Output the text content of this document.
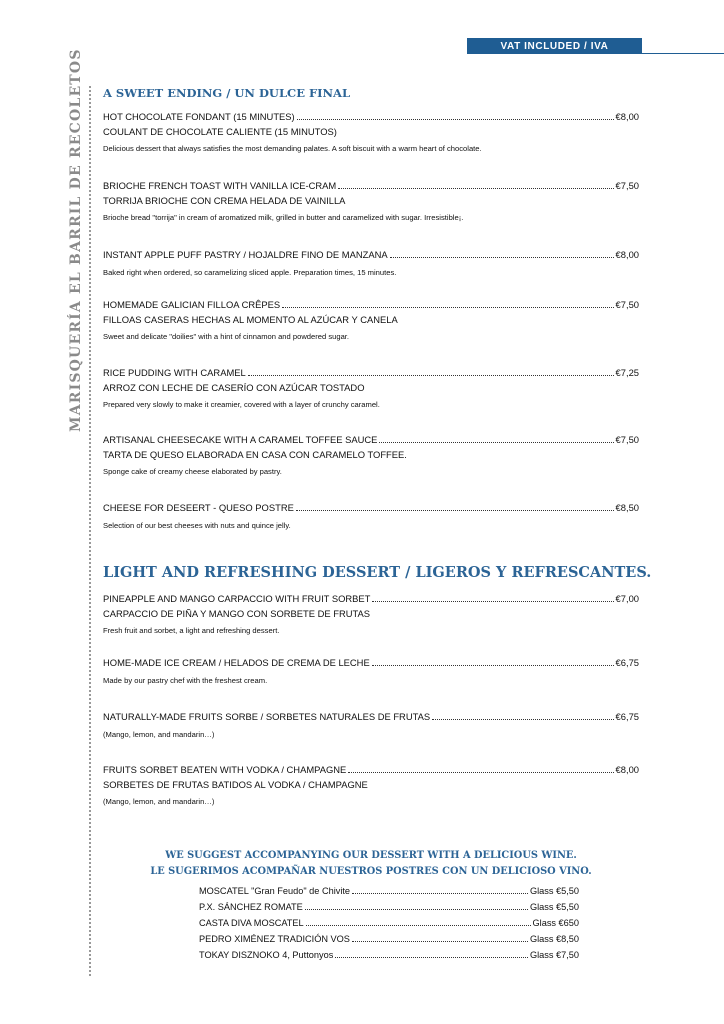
VAT INCLUDED / IVA
MARISQUERÍA EL BARRIL DE RECOLETOS A SWEET ENDING / UN DULCE FINAL
HOT CHOCOLATE FONDANT (15 MINUTES)	€8,00
COULANT DE CHOCOLATE CALIENTE (15 MINUTOS)
Delicious dessert that always satisfies the most demanding palates. A soft biscuit with a warm heart of chocolate.
BRIOCHE FRENCH TOAST WITH VANILLA ICE-CRAM	€7,50
TORRIJA BRIOCHE CON CREMA HELADA DE VAINILLA
Brioche bread "torrija" in cream of aromatized milk, grilled in butter and caramelized with sugar. Irresistible¡.
INSTANT APPLE PUFF PASTRY / HOJALDRE FINO DE MANZANA	€8,00
Baked right when ordered, so caramelizing sliced apple. Preparation times, 15 minutes.
HOMEMADE GALICIAN FILLOA CRÊPES	€7,50
FILLOAS CASERAS HECHAS AL MOMENTO AL AZÚCAR Y CANELA
Sweet and delicate "doilies" with a hint of cinnamon and powdered sugar.
RICE PUDDING WITH CARAMEL	€7,25
ARROZ CON LECHE DE CASERÍO CON AZÚCAR TOSTADO
Prepared very slowly to make it creamier, covered with a layer of crunchy caramel.
ARTISANAL CHEESECAKE WITH A CARAMEL TOFFEE SAUCE	€7,50
TARTA DE QUESO ELABORADA EN CASA CON CARAMELO TOFFEE.
Sponge cake of creamy cheese elaborated by pastry.
CHEESE FOR DESEERT - QUESO POSTRE	€8,50
Selection of our best cheeses with nuts and quince jelly.
LIGHT AND REFRESHING DESSERT / LIGEROS Y REFRESCANTES.
PINEAPPLE AND MANGO CARPACCIO WITH FRUIT SORBET	€7,00
CARPACCIO DE PIÑA Y MANGO CON SORBETE DE FRUTAS
Fresh fruit and sorbet, a light and refreshing dessert.
HOME-MADE ICE CREAM / HELADOS DE CREMA DE LECHE	€6,75
Made by our pastry chef with the freshest cream.
NATURALLY-MADE FRUITS SORBE / SORBETES NATURALES DE FRUTAS	€6,75
(Mango, lemon, and mandarin…)
FRUITS SORBET BEATEN WITH VODKA / CHAMPAGNE	€8,00
SORBETES DE FRUTAS BATIDOS AL VODKA / CHAMPAGNE
(Mango, lemon, and mandarin…)
WE SUGGEST ACCOMPANYING OUR DESSERT WITH A DELICIOUS WINE.
LE SUGERIMOS ACOMPAÑAR NUESTROS POSTRES CON UN DELICIOSO VINO.
MOSCATEL "Gran Feudo" de Chivite	Glass €5,50
P.X. SÁNCHEZ ROMATE	Glass €5,50
CASTA DIVA MOSCATEL	Glass €650
PEDRO XIMÉNEZ TRADICIÓN VOS	Glass €8,50
TOKAY DISZNOKO 4, Puttonyos	Glass €7,50
